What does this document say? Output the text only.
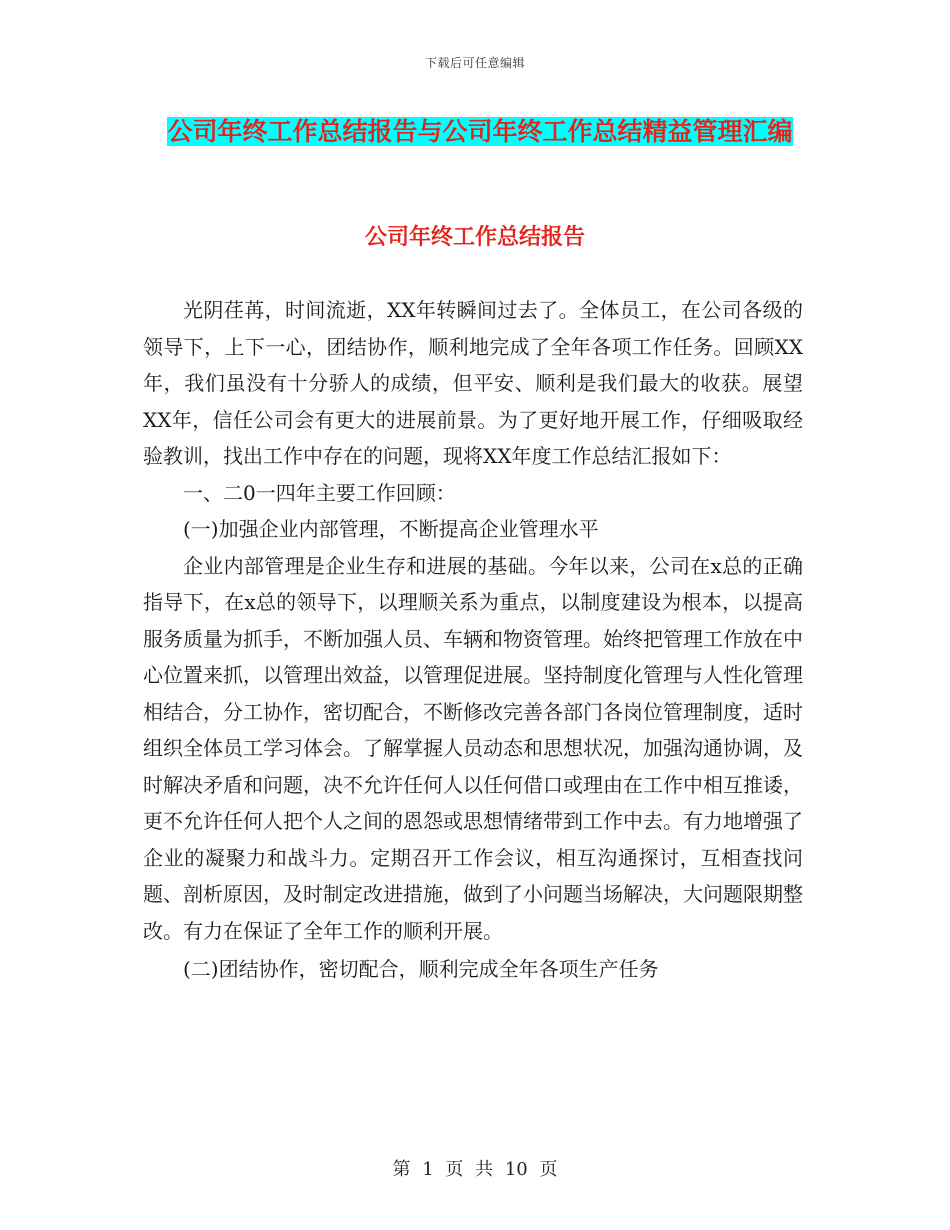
下载后可任意编辑
公司年终工作总结报告与公司年终工作总结精益管理汇编
公司年终工作总结报告

光阴荏苒，时间流逝，XX年转瞬间过去了。全体员工，在公司各级的领导下，上下一心，团结协作，顺利地完成了全年各项工作任务。回顾XX年，我们虽没有十分骄人的成绩，但平安、顺利是我们最大的收获。展望XX年，信任公司会有更大的进展前景。为了更好地开展工作，仔细吸取经验教训，找出工作中存在的问题，现将XX年度工作总结汇报如下：

一、二0一四年主要工作回顾：

(一)加强企业内部管理，不断提高企业管理水平

企业内部管理是企业生存和进展的基础。今年以来，公司在x总的正确指导下，在x总的领导下，以理顺关系为重点，以制度建设为根本，以提高服务质量为抓手，不断加强人员、车辆和物资管理。始终把管理工作放在中心位置来抓，以管理出效益，以管理促进展。坚持制度化管理与人性化管理相结合，分工协作，密切配合，不断修改完善各部门各岗位管理制度，适时组织全体员工学习体会。了解掌握人员动态和思想状况，加强沟通协调，及时解决矛盾和问题，决不允许任何人以任何借口或理由在工作中相互推诿，更不允许任何人把个人之间的恩怨或思想情绪带到工作中去。有力地增强了企业的凝聚力和战斗力。定期召开工作会议，相互沟通探讨，互相查找问题、剖析原因，及时制定改进措施，做到了小问题当场解决，大问题限期整改。有力在保证了全年工作的顺利开展。

(二)团结协作，密切配合，顺利完成全年各项生产任务

第 1 页 共 10 页
